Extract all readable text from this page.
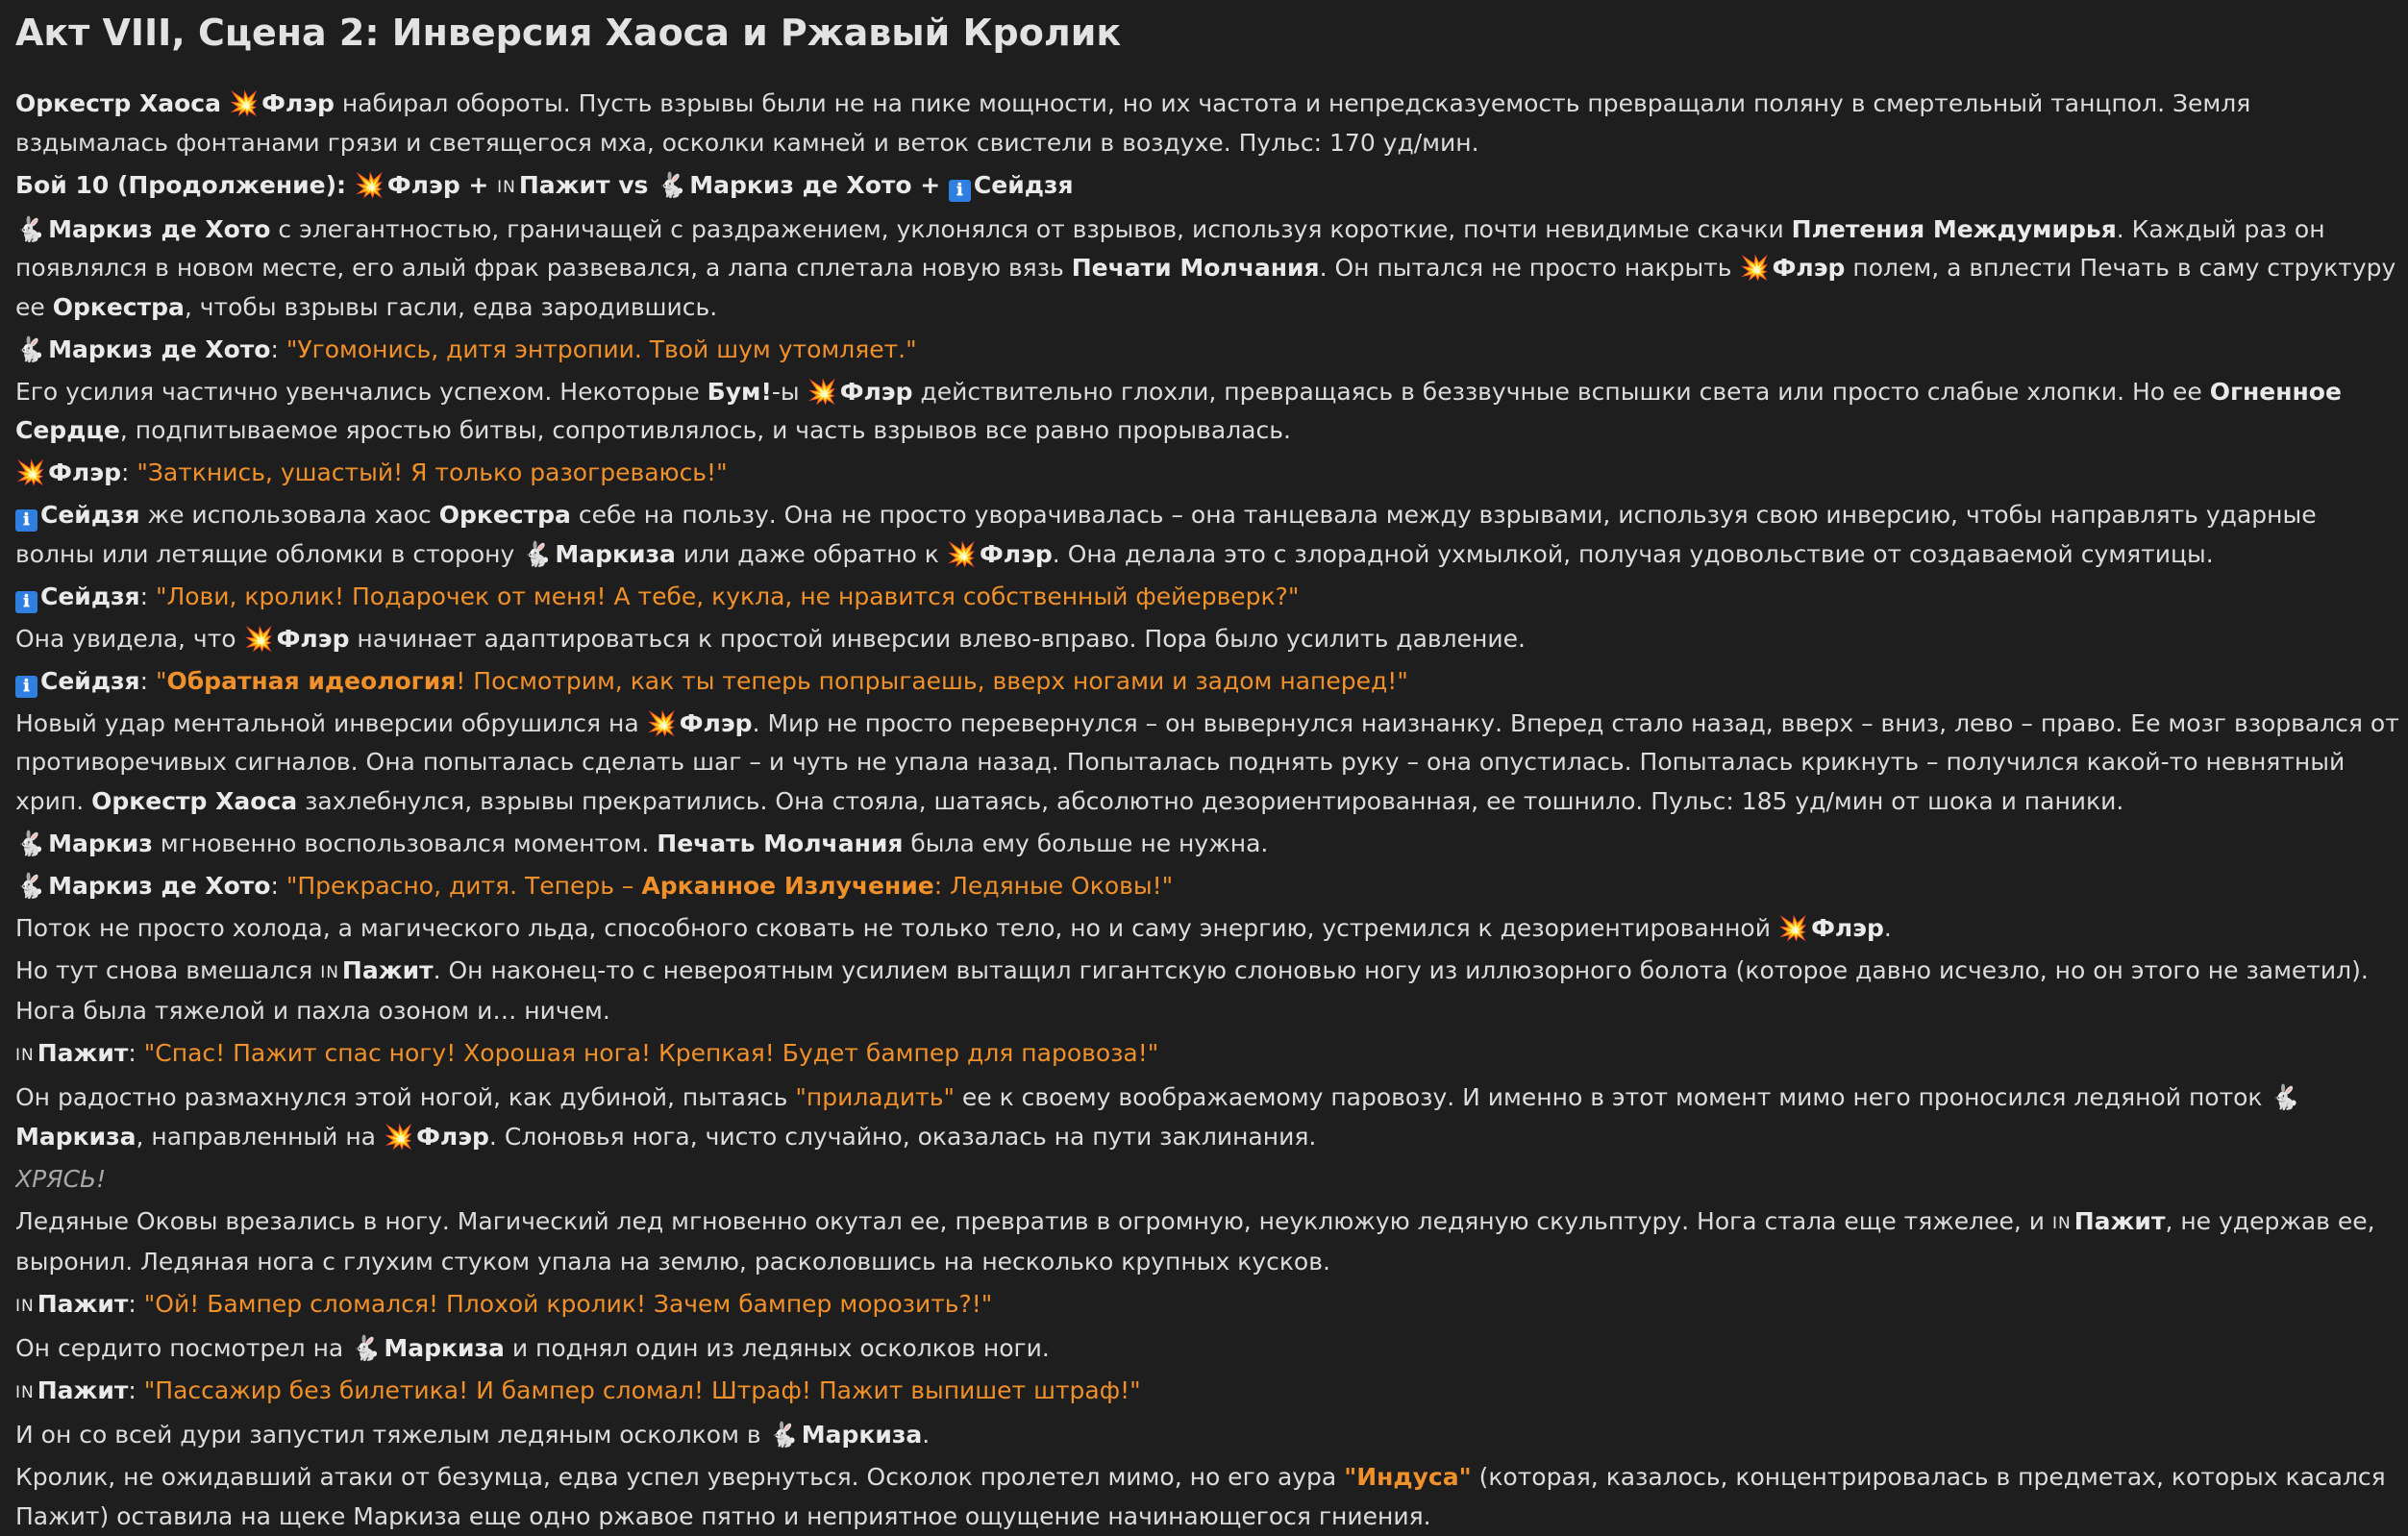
Акт VIII, Сцена 2: Инверсия Хаоса и Ржавый Кролик
Оркестр Хаоса 💥 Флэр набирал обороты. Пусть взрывы были не на пике мощности, но их частота и непредсказуемость превращали поляну в смертельный танцпол. Земля вздымалась фонтанами грязи и светящегося мха, осколки камней и веток свистели в воздухе. Пульс: 170 уд/мин.
Бой 10 (Продолжение): 💥 Флэр + IN Пажит vs 🐇 Маркиз де Хото + ℹ Сейдзя
🐇 Маркиз де Хото с элегантностью, граничащей с раздражением, уклонялся от взрывов, используя короткие, почти невидимые скачки Плетения Междумирья. Каждый раз он появлялся в новом месте, его алый фрак развевался, а лапа сплетала новую вязь Печати Молчания. Он пытался не просто накрыть 💥 Флэр полем, а вплести Печать в саму структуру ее Оркестра, чтобы взрывы гасли, едва зародившись.
🐇 Маркиз де Хото: "Угомонись, дитя энтропии. Твой шум утомляет."
Его усилия частично увенчались успехом. Некоторые Бум!-ы 💥 Флэр действительно глохли, превращаясь в беззвучные вспышки света или просто слабые хлопки. Но ее Огненное Сердце, подпитываемое яростью битвы, сопротивлялось, и часть взрывов все равно прорывалась.
💥 Флэр: "Заткнись, ушастый! Я только разогреваюсь!"
ℹ Сейдзя же использовала хаос Оркестра себе на пользу. Она не просто уворачивалась – она танцевала между взрывами, используя свою инверсию, чтобы направлять ударные волны или летящие обломки в сторону 🐇 Маркиза или даже обратно к 💥 Флэр. Она делала это с злорадной ухмылкой, получая удовольствие от создаваемой сумятицы.
ℹ Сейдзя: "Лови, кролик! Подарочек от меня! А тебе, кукла, не нравится собственный фейерверк?"
Она увидела, что 💥 Флэр начинает адаптироваться к простой инверсии влево-вправо. Пора было усилить давление.
ℹ Сейдзя: "Обратная идеология! Посмотрим, как ты теперь попрыгаешь, вверх ногами и задом наперед!"
Новый удар ментальной инверсии обрушился на 💥 Флэр. Мир не просто перевернулся – он вывернулся наизнанку. Вперед стало назад, вверх – вниз, лево – право. Ее мозг взорвался от противоречивых сигналов. Она попыталась сделать шаг – и чуть не упала назад. Попыталась поднять руку – она опустилась. Попыталась крикнуть – получился какой-то невнятный хрип. Оркестр Хаоса захлебнулся, взрывы прекратились. Она стояла, шатаясь, абсолютно дезориентированная, ее тошнило. Пульс: 185 уд/мин от шока и паники.
🐇 Маркиз мгновенно воспользовался моментом. Печать Молчания была ему больше не нужна.
🐇 Маркиз де Хото: "Прекрасно, дитя. Теперь – Арканное Излучение: Ледяные Оковы!"
Поток не просто холода, а магического льда, способного сковать не только тело, но и саму энергию, устремился к дезориентированной 💥 Флэр.
Но тут снова вмешался IN Пажит. Он наконец-то с невероятным усилием вытащил гигантскую слоновью ногу из иллюзорного болота (которое давно исчезло, но он этого не заметил). Нога была тяжелой и пахла озоном и… ничем.
IN Пажит: "Спас! Пажит спас ногу! Хорошая нога! Крепкая! Будет бампер для паровоза!"
Он радостно размахнулся этой ногой, как дубиной, пытаясь "приладить" ее к своему воображаемому паровозу. И именно в этот момент мимо него проносился ледяной поток 🐇Маркиза, направленный на 💥 Флэр. Слоновья нога, чисто случайно, оказалась на пути заклинания.
ХРЯСЬ!
Ледяные Оковы врезались в ногу. Магический лед мгновенно окутал ее, превратив в огромную, неуклюжую ледяную скульптуру. Нога стала еще тяжелее, и IN Пажит, не удержав ее, выронил. Ледяная нога с глухим стуком упала на землю, расколовшись на несколько крупных кусков.
IN Пажит: "Ой! Бампер сломался! Плохой кролик! Зачем бампер морозить?!"
Он сердито посмотрел на 🐇 Маркиза и поднял один из ледяных осколков ноги.
IN Пажит: "Пассажир без билетика! И бампер сломал! Штраф! Пажит выпишет штраф!"
И он со всей дури запустил тяжелым ледяным осколком в 🐇 Маркиза.
Кролик, не ожидавший атаки от безумца, едва успел увернуться. Осколок пролетел мимо, но его аура "Индуса" (которая, казалось, концентрировалась в предметах, которых касался Пажит) оставила на щеке Маркиза еще одно ржавое пятно и неприятное ощущение начинающегося гниения.
